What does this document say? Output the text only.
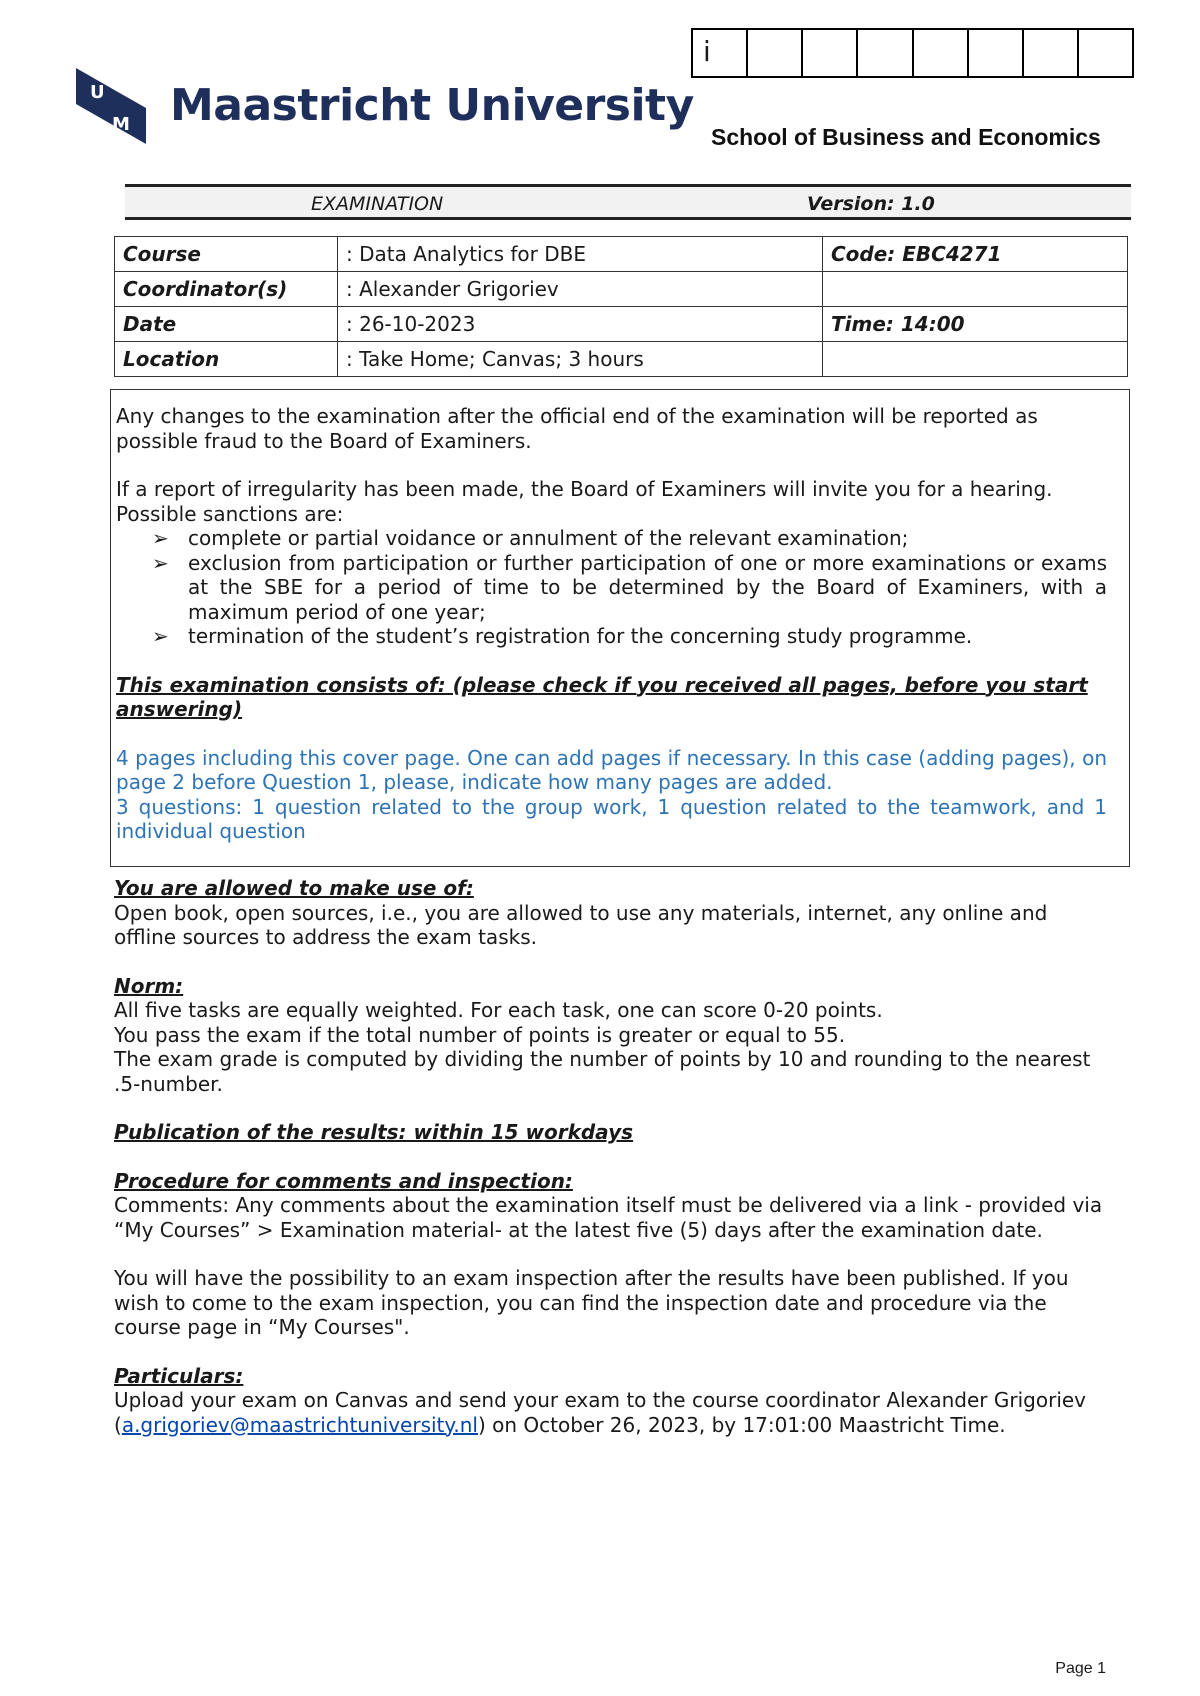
i
U
M Maastricht University
School of Business and Economics
EXAMINATION	Version: 1.0
Course	: Data Analytics for DBE	Code: EBC4271
Coordinator(s)	: Alexander Grigoriev	
Date	: 26-10-2023	Time: 14:00
Location	: Take Home; Canvas; 3 hours	

Any changes to the examination after the official end of the examination will be reported as possible fraud to the Board of Examiners.

If a report of irregularity has been made, the Board of Examiners will invite you for a hearing. Possible sanctions are:

➢ complete or partial voidance or annulment of the relevant examination;
➢ exclusion from participation or further participation of one or more examinations or exams at the SBE for a period of time to be determined by the Board of Examiners, with a maximum period of one year;
➢ termination of the student’s registration for the concerning study programme.

This examination consists of: (please check if you received all pages, before you start answering)

4 pages including this cover page. One can add pages if necessary. In this case (adding pages), on page 2 before Question 1, please, indicate how many pages are added.

3 questions: 1 question related to the group work, 1 question related to the teamwork, and 1 individual question

You are allowed to make use of:

Open book, open sources, i.e., you are allowed to use any materials, internet, any online and offline sources to address the exam tasks.

Norm:

All five tasks are equally weighted. For each task, one can score 0-20 points.

You pass the exam if the total number of points is greater or equal to 55.

The exam grade is computed by dividing the number of points by 10 and rounding to the nearest .5-number.

Publication of the results: within 15 workdays

Procedure for comments and inspection:

Comments: Any comments about the examination itself must be delivered via a link - provided via “My Courses” > Examination material- at the latest five (5) days after the examination date.

You will have the possibility to an exam inspection after the results have been published. If you wish to come to the exam inspection, you can find the inspection date and procedure via the course page in “My Courses".

Particulars:

Upload your exam on Canvas and send your exam to the course coordinator Alexander Grigoriev (a.grigoriev@maastrichtuniversity.nl) on October 26, 2023, by 17:01:00 Maastricht Time.

Page 1
